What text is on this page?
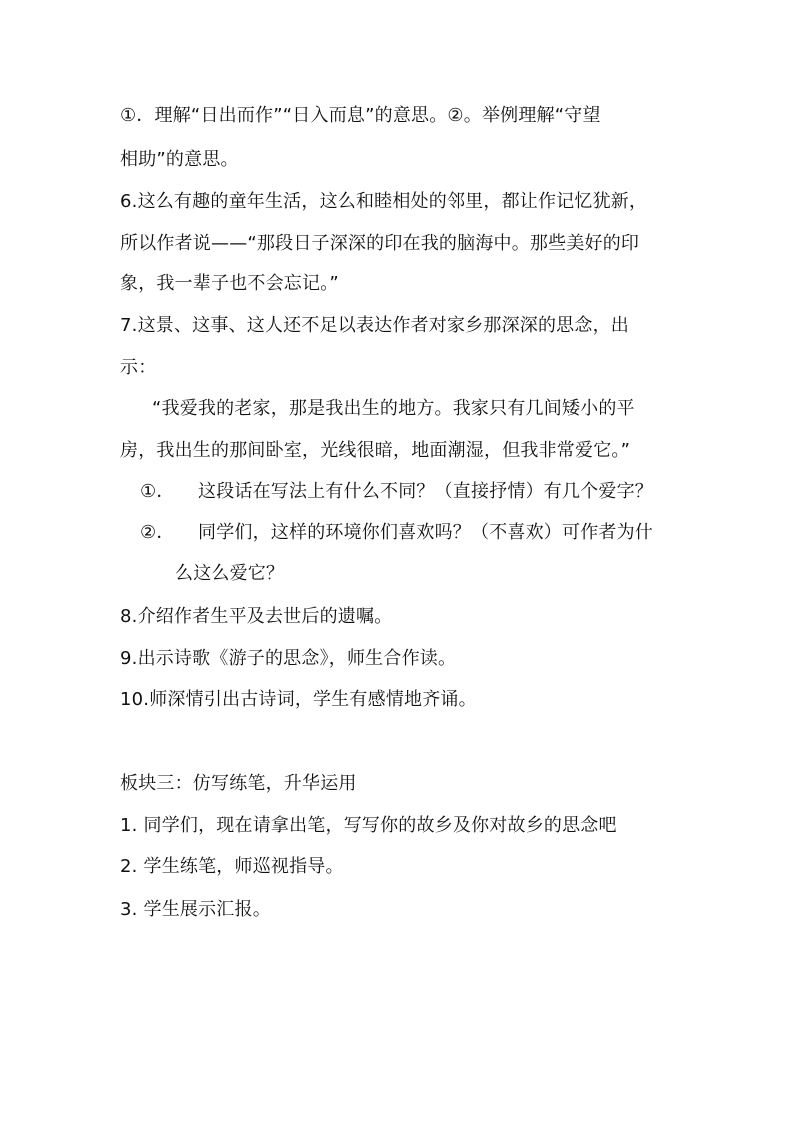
①．理解“日出而作”“日入而息”的意思。②。举例理解“守望
相助”的意思。
6.这么有趣的童年生活，这么和睦相处的邻里，都让作记忆犹新，
所以作者说——“那段日子深深的印在我的脑海中。那些美好的印
象，我一辈子也不会忘记。”
7.这景、这事、这人还不足以表达作者对家乡那深深的思念，出
示：
“我爱我的老家，那是我出生的地方。我家只有几间矮小的平
房，我出生的那间卧室，光线很暗，地面潮湿，但我非常爱它。”
①． 这段话在写法上有什么不同？（直接抒情）有几个爱字？
②． 同学们，这样的环境你们喜欢吗？（不喜欢）可作者为什
么这么爱它？
8.介绍作者生平及去世后的遗嘱。
9.出示诗歌《游子的思念》，师生合作读。
10.师深情引出古诗词，学生有感情地齐诵。
板块三：仿写练笔，升华运用
1. 同学们，现在请拿出笔，写写你的故乡及你对故乡的思念吧
2. 学生练笔，师巡视指导。
3. 学生展示汇报。
